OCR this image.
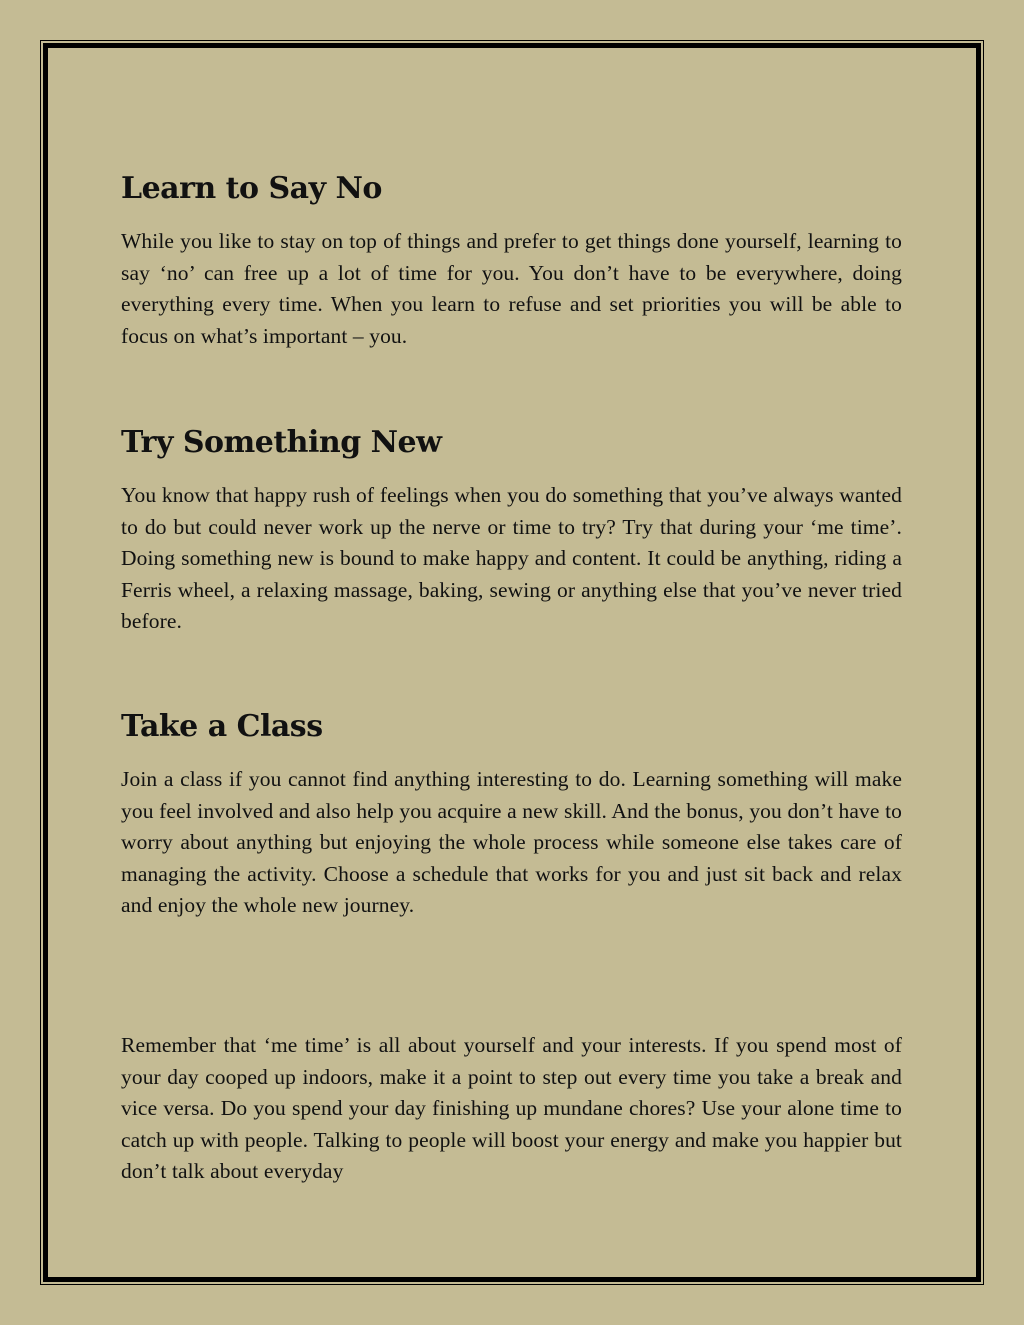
Learn to Say No

While you like to stay on top of things and prefer to get things done yourself, learning to say ‘no’ can free up a lot of time for you. You don’t have to be everywhere, doing everything every time. When you learn to refuse and set priorities you will be able to focus on what’s important – you.

Try Something New

You know that happy rush of feelings when you do something that you’ve always wanted to do but could never work up the nerve or time to try? Try that during your ‘me time’. Doing something new is bound to make happy and content. It could be anything, riding a Ferris wheel, a relaxing massage, baking, sewing or anything else that you’ve never tried before.

Take a Class

Join a class if you cannot find anything interesting to do. Learning something will make you feel involved and also help you acquire a new skill. And the bonus, you don’t have to worry about anything but enjoying the whole process while someone else takes care of managing the activity. Choose a schedule that works for you and just sit back and relax and enjoy the whole new journey.

Remember that ‘me time’ is all about yourself and your interests. If you spend most of your day cooped up indoors, make it a point to step out every time you take a break and vice versa. Do you spend your day finishing up mundane chores? Use your alone time to catch up with people. Talking to people will boost your energy and make you happier but don’t talk about everyday
